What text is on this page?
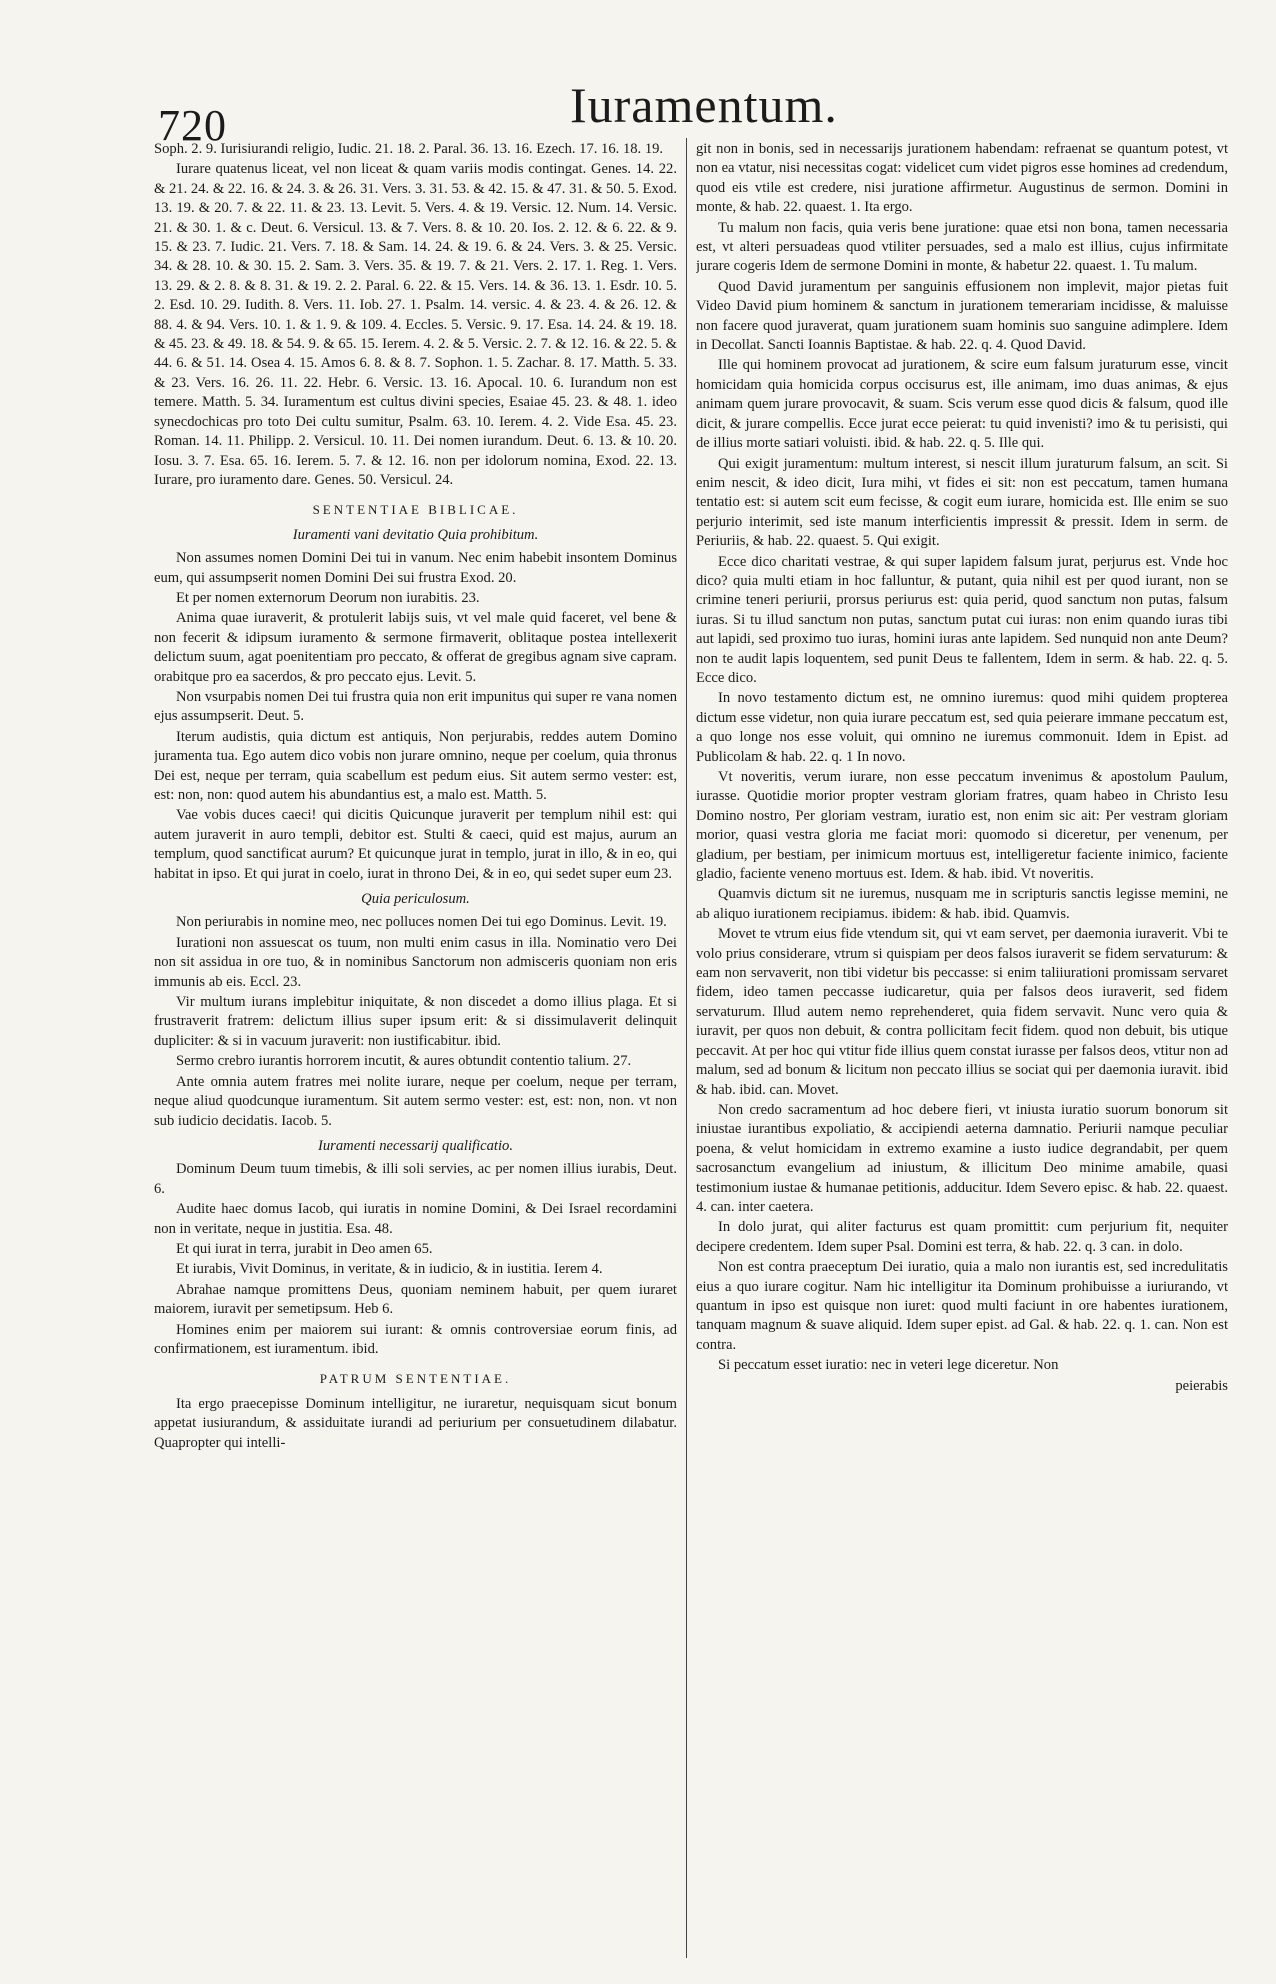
720	Iuramentum.

Soph. 2. 9. Iurisiurandi religio, Iudic. 21. 18. 2. Paral. 36. 13. 16. Ezech. 17. 16. 18. 19.

Iurare quatenus liceat, vel non liceat & quam variis modis contingat. Genes. 14. 22. & 21. 24. & 22. 16. & 24. 3. & 26. 31. Vers. 3. 31. 53. & 42. 15. & 47. 31. & 50. 5. Exod. 13. 19. & 20. 7. & 22. 11. & 23. 13. Levit. 5. Vers. 4. & 19. Versic. 12. Num. 14. Versic. 21. & 30. 1. & c. Deut. 6. Versicul. 13. & 7. Vers. 8. & 10. 20. Ios. 2. 12. & 6. 22. & 9. 15. & 23. 7. Iudic. 21. Vers. 7. 18. & Sam. 14. 24. & 19. 6. & 24. Vers. 3. & 25. Versic. 34. & 28. 10. & 30. 15. 2. Sam. 3. Vers. 35. & 19. 7. & 21. Vers. 2. 17. 1. Reg. 1. Vers. 13. 29. & 2. 8. & 8. 31. & 19. 2. 2. Paral. 6. 22. & 15. Vers. 14. & 36. 13. 1. Esdr. 10. 5. 2. Esd. 10. 29. Iudith. 8. Vers. 11. Iob. 27. 1. Psalm. 14. versic. 4. & 23. 4. & 26. 12. & 88. 4. & 94. Vers. 10. 1. & 1. 9. & 109. 4. Eccles. 5. Versic. 9. 17. Esa. 14. 24. & 19. 18. & 45. 23. & 49. 18. & 54. 9. & 65. 15. Ierem. 4. 2. & 5. Versic. 2. 7. & 12. 16. & 22. 5. & 44. 6. & 51. 14. Osea 4. 15. Amos 6. 8. & 8. 7. Sophon. 1. 5. Zachar. 8. 17. Matth. 5. 33. & 23. Vers. 16. 26. 11. 22. Hebr. 6. Versic. 13. 16. Apocal. 10. 6. Iurandum non est temere. Matth. 5. 34. Iuramentum est cultus divini species, Esaiae 45. 23. & 48. 1. ideo synecdochicas pro toto Dei cultu sumitur, Psalm. 63. 10. Ierem. 4. 2. Vide Esa. 45. 23. Roman. 14. 11. Philipp. 2. Versicul. 10. 11. Dei nomen iurandum. Deut. 6. 13. & 10. 20. Iosu. 3. 7. Esa. 65. 16. Ierem. 5. 7. & 12. 16. non per idolorum nomina, Exod. 22. 13. Iurare, pro iuramento dare. Genes. 50. Versicul. 24.

SENTENTIAE BIBLICAE.
Iuramenti vani devitatio Quia prohibitum.

Non assumes nomen Domini Dei tui in vanum. Nec enim habebit insontem Dominus eum, qui assumpserit nomen Domini Dei sui frustra Exod. 20.

Et per nomen externorum Deorum non iurabitis. 23.

Anima quae iuraverit, & protulerit labijs suis, vt vel male quid faceret, vel bene & non fecerit & idipsum iuramento & sermone firmaverit, oblitaque postea intellexerit delictum suum, agat poenitentiam pro peccato, & offerat de gregibus agnam sive capram. orabitque pro ea sacerdos, & pro peccato ejus. Levit. 5.

Non vsurpabis nomen Dei tui frustra quia non erit impunitus qui super re vana nomen ejus assumpserit. Deut. 5.

Iterum audistis, quia dictum est antiquis, Non perjurabis, reddes autem Domino juramenta tua. Ego autem dico vobis non jurare omnino, neque per coelum, quia thronus Dei est, neque per terram, quia scabellum est pedum eius. Sit autem sermo vester: est, est: non, non: quod autem his abundantius est, a malo est. Matth. 5.

Vae vobis duces caeci! qui dicitis Quicunque juraverit per templum nihil est: qui autem juraverit in auro templi, debitor est. Stulti & caeci, quid est majus, aurum an templum, quod sanctificat aurum? Et quicunque jurat in templo, jurat in illo, & in eo, qui habitat in ipso. Et qui jurat in coelo, iurat in throno Dei, & in eo, qui sedet super eum 23.

Quia periculosum.

Non periurabis in nomine meo, nec polluces nomen Dei tui ego Dominus. Levit. 19.

Iurationi non assuescat os tuum, non multi enim casus in illa. Nominatio vero Dei non sit assidua in ore tuo, & in nominibus Sanctorum non admisceris quoniam non eris immunis ab eis. Eccl. 23.

Vir multum iurans implebitur iniquitate, & non discedet a domo illius plaga. Et si frustraverit fratrem: delictum illius super ipsum erit: & si dissimulaverit delinquit dupliciter: & si in vacuum juraverit: non iustificabitur. ibid.

Sermo crebro iurantis horrorem incutit, & aures obtundit contentio talium. 27.

Ante omnia autem fratres mei nolite iurare, neque per coelum, neque per terram, neque aliud quodcunque iuramentum. Sit autem sermo vester: est, est: non, non. vt non sub iudicio decidatis. Iacob. 5.

Iuramenti necessarij qualificatio.

Dominum Deum tuum timebis, & illi soli servies, ac per nomen illius iurabis, Deut. 6.

Audite haec domus Iacob, qui iuratis in nomine Domini, & Dei Israel recordamini non in veritate, neque in justitia. Esa. 48.

Et qui iurat in terra, jurabit in Deo amen 65.

Et iurabis, Vivit Dominus, in veritate, & in iudicio, & in iustitia. Ierem 4.

Abrahae namque promittens Deus, quoniam neminem habuit, per quem iuraret maiorem, iuravit per semetipsum. Heb 6.

Homines enim per maiorem sui iurant: & omnis controversiae eorum finis, ad confirmationem, est iuramentum. ibid.

PATRUM SENTENTIAE.

Ita ergo praecepisse Dominum intelligitur, ne iuraretur, nequisquam sicut bonum appetat iusiurandum, & assiduitate iurandi ad periurium per consuetudinem dilabatur. Quapropter qui intelli-

git non in bonis, sed in necessarijs jurationem habendam: refraenat se quantum potest, vt non ea vtatur, nisi necessitas cogat: videlicet cum videt pigros esse homines ad credendum, quod eis vtile est credere, nisi juratione affirmetur. Augustinus de sermon. Domini in monte, & hab. 22. quaest. 1. Ita ergo.

Tu malum non facis, quia veris bene juratione: quae etsi non bona, tamen necessaria est, vt alteri persuadeas quod vtiliter persuades, sed a malo est illius, cujus infirmitate jurare cogeris Idem de sermone Domini in monte, & habetur 22. quaest. 1. Tu malum.

Quod David juramentum per sanguinis effusionem non implevit, major pietas fuit Video David pium hominem & sanctum in jurationem temerariam incidisse, & maluisse non facere quod juraverat, quam jurationem suam hominis suo sanguine adimplere. Idem in Decollat. Sancti Ioannis Baptistae. & hab. 22. q. 4. Quod David.

Ille qui hominem provocat ad jurationem, & scire eum falsum juraturum esse, vincit homicidam quia homicida corpus occisurus est, ille animam, imo duas animas, & ejus animam quem jurare provocavit, & suam. Scis verum esse quod dicis & falsum, quod ille dicit, & jurare compellis. Ecce jurat ecce peierat: tu quid invenisti? imo & tu perisisti, qui de illius morte satiari voluisti. ibid. & hab. 22. q. 5. Ille qui.

Qui exigit juramentum: multum interest, si nescit illum juraturum falsum, an scit. Si enim nescit, & ideo dicit, Iura mihi, vt fides ei sit: non est peccatum, tamen humana tentatio est: si autem scit eum fecisse, & cogit eum iurare, homicida est. Ille enim se suo perjurio interimit, sed iste manum interficientis impressit & pressit. Idem in serm. de Periuriis, & hab. 22. quaest. 5. Qui exigit.

Ecce dico charitati vestrae, & qui super lapidem falsum jurat, perjurus est. Vnde hoc dico? quia multi etiam in hoc falluntur, & putant, quia nihil est per quod iurant, non se crimine teneri periurii, prorsus periurus est: quia perid, quod sanctum non putas, falsum iuras. Si tu illud sanctum non putas, sanctum putat cui iuras: non enim quando iuras tibi aut lapidi, sed proximo tuo iuras, homini iuras ante lapidem. Sed nunquid non ante Deum? non te audit lapis loquentem, sed punit Deus te fallentem, Idem in serm. & hab. 22. q. 5. Ecce dico.

In novo testamento dictum est, ne omnino iuremus: quod mihi quidem propterea dictum esse videtur, non quia iurare peccatum est, sed quia peierare immane peccatum est, a quo longe nos esse voluit, qui omnino ne iuremus commonuit. Idem in Epist. ad Publicolam & hab. 22. q. 1 In novo.

Vt noveritis, verum iurare, non esse peccatum invenimus & apostolum Paulum, iurasse. Quotidie morior propter vestram gloriam fratres, quam habeo in Christo Iesu Domino nostro, Per gloriam vestram, iuratio est, non enim sic ait: Per vestram gloriam morior, quasi vestra gloria me faciat mori: quomodo si diceretur, per venenum, per gladium, per bestiam, per inimicum mortuus est, intelligeretur faciente inimico, faciente gladio, faciente veneno mortuus est. Idem. & hab. ibid. Vt noveritis.

Quamvis dictum sit ne iuremus, nusquam me in scripturis sanctis legisse memini, ne ab aliquo iurationem recipiamus. ibidem: & hab. ibid. Quamvis.

Movet te vtrum eius fide vtendum sit, qui vt eam servet, per daemonia iuraverit. Vbi te volo prius considerare, vtrum si quispiam per deos falsos iuraverit se fidem servaturum: & eam non servaverit, non tibi videtur bis peccasse: si enim taliiurationi promissam servaret fidem, ideo tamen peccasse iudicaretur, quia per falsos deos iuraverit, sed fidem servaturum. Illud autem nemo reprehenderet, quia fidem servavit. Nunc vero quia & iuravit, per quos non debuit, & contra pollicitam fecit fidem. quod non debuit, bis utique peccavit. At per hoc qui vtitur fide illius quem constat iurasse per falsos deos, vtitur non ad malum, sed ad bonum & licitum non peccato illius se sociat qui per daemonia iuravit. ibid & hab. ibid. can. Movet.

Non credo sacramentum ad hoc debere fieri, vt iniusta iuratio suorum bonorum sit iniustae iurantibus expoliatio, & accipiendi aeterna damnatio. Periurii namque peculiar poena, & velut homicidam in extremo examine a iusto iudice degrandabit, per quem sacrosanctum evangelium ad iniustum, & illicitum Deo minime amabile, quasi testimonium iustae & humanae petitionis, adducitur. Idem Severo episc. & hab. 22. quaest. 4. can. inter caetera.

In dolo jurat, qui aliter facturus est quam promittit: cum perjurium fit, nequiter decipere credentem. Idem super Psal. Domini est terra, & hab. 22. q. 3 can. in dolo.

Non est contra praeceptum Dei iuratio, quia a malo non iurantis est, sed incredulitatis eius a quo iurare cogitur. Nam hic intelligitur ita Dominum prohibuisse a iuriurando, vt quantum in ipso est quisque non iuret: quod multi faciunt in ore habentes iurationem, tanquam magnum & suave aliquid. Idem super epist. ad Gal. & hab. 22. q. 1. can. Non est contra.

Si peccatum esset iuratio: nec in veteri lege diceretur. Non

peierabis
